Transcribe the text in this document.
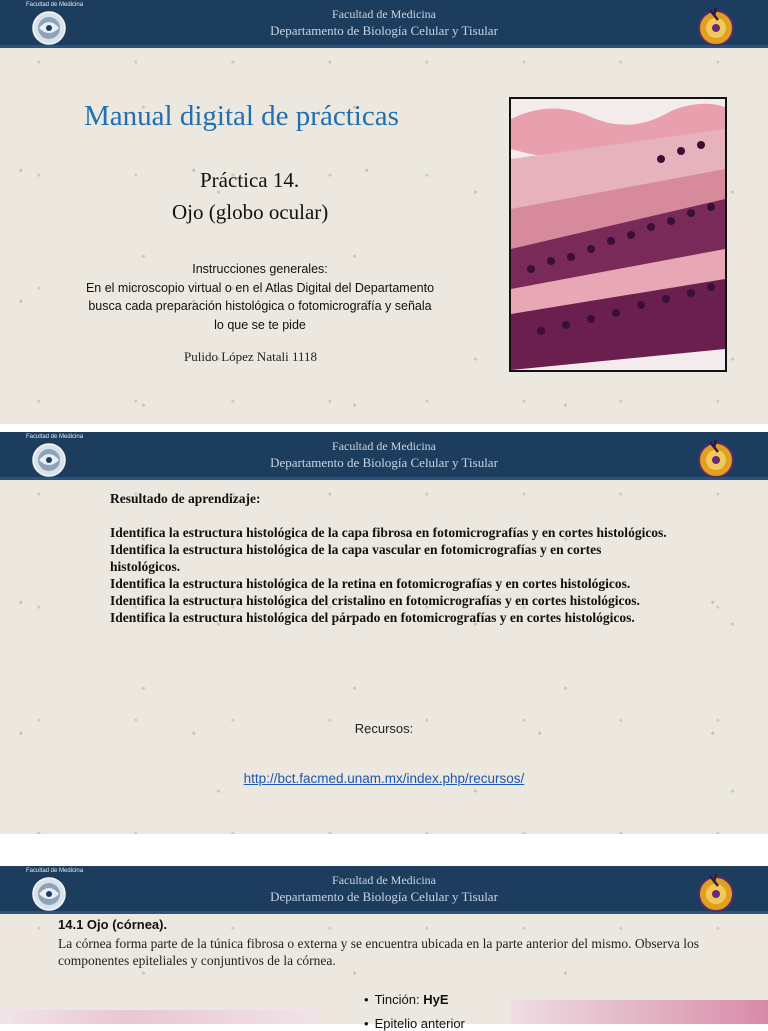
Facultad de Medicina
Facultad de Medicina
Departamento de Biología Celular y Tisular
Manual digital de prácticas
Práctica 14.
Ojo (globo ocular)
Instrucciones generales:
En el microscopio virtual o en el Atlas Digital del Departamento
busca cada preparación histológica o fotomicrografía y señala
lo que se te pide
Pulido López Natali 1118
Facultad de Medicina
Facultad de Medicina
Departamento de Biología Celular y Tisular

Resultado de aprendizaje:

Identifica la estructura histológica de la capa fibrosa en fotomicrografías y en cortes histológicos.

Identifica la estructura histológica de la capa vascular en fotomicrografías y en cortes histológicos.

Identifica la estructura histológica de la retina en fotomicrografías y en cortes histológicos.

Identifica la estructura histológica del cristalino en fotomicrografías y en cortes histológicos.

Identifica la estructura histológica del párpado en fotomicrografías y en cortes histológicos.

Recursos:
http://bct.facmed.unam.mx/index.php/recursos/
Facultad de Medicina
Facultad de Medicina
Departamento de Biología Celular y Tisular
14.1 Ojo (córnea).
La córnea forma parte de la túnica fibrosa o externa y se encuentra ubicada en la parte anterior del mismo. Observa los componentes epiteliales y conjuntivos de la córnea.
• Tinción: HyE
• Epitelio anterior
